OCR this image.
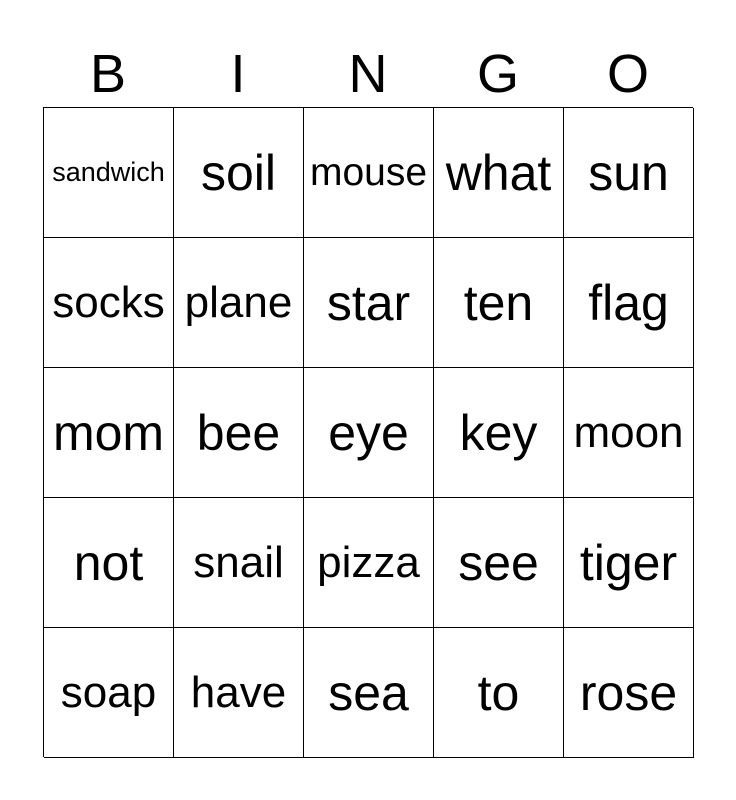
B	I	N	G	O
sandwich soil mouse what sun
socks plane star	ten	flag
mom bee eye	key moon
not	snail pizza see tiger
soap have sea	to	rose
